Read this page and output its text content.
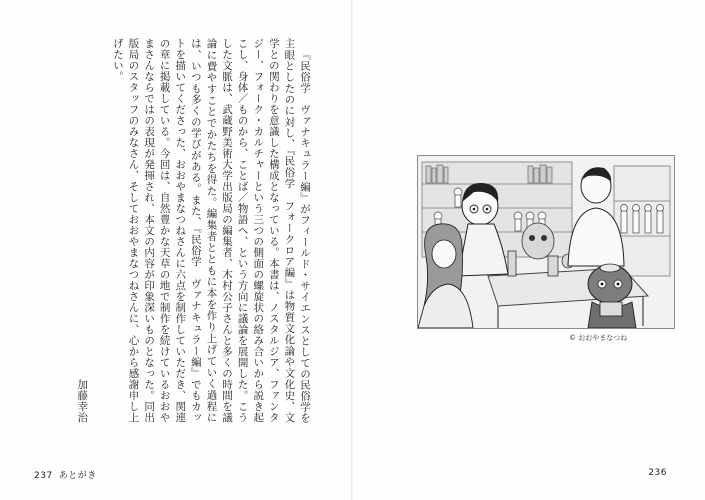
『民俗学　ヴァナキュラー編』がフィールド・サイエンスとしての民俗学を主眼としたのに対し、『民俗学　フォークロア編』は物質文化論や文化史、文学との関わりを意識した構成となっている。本書は、ノスタルジア、ファンタジー、フォーク・カルチャーという三つの側面の螺旋状の絡み合いから説き起こし、身体／ものから、ことば／物語へ、という方向に議論を展開した。こうした文脈は、武蔵野美術大学出版局の編集者、木村公子さんと多くの時間を議論に費やすことでかたちを得た。編集者とともに本を作り上げていく過程には、いつも多くの学びがある。また、『民俗学　ヴァナキュラー編』でもカットを描いてくださった、おおやまなつねさんに六点を制作していただき、関連の章に掲載している。今回は、自然豊かな天草の地で制作を続けているおおやまさんならではの表現が発揮され、本文の内容が印象深いものとなった。同出版局のスタッフのみなさん、そしておおやまなつねさんに、心から感謝申し上げたい。

加藤幸治

237 あとがき
© おおやまなつね
236
